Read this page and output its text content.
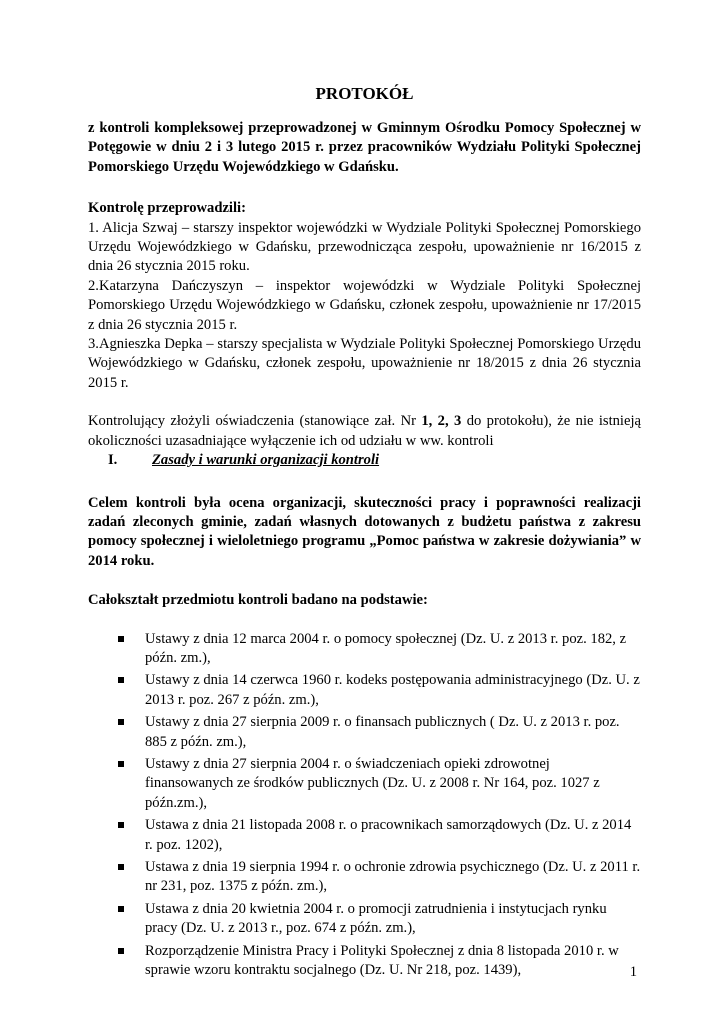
PROTOKÓŁ

z kontroli kompleksowej przeprowadzonej w Gminnym Ośrodku Pomocy Społecznej w Potęgowie w dniu 2 i 3 lutego 2015 r. przez pracowników Wydziału Polityki Społecznej Pomorskiego Urzędu Wojewódzkiego w Gdańsku.

Kontrolę przeprowadzili:

1. Alicja Szwaj – starszy inspektor wojewódzki w Wydziale Polityki Społecznej Pomorskiego Urzędu Wojewódzkiego w Gdańsku, przewodnicząca zespołu, upoważnienie nr 16/2015 z dnia 26 stycznia 2015 roku.

2.Katarzyna Dańczyszyn – inspektor wojewódzki w Wydziale Polityki Społecznej Pomorskiego Urzędu Wojewódzkiego w Gdańsku, członek zespołu, upoważnienie nr 17/2015 z dnia 26 stycznia 2015 r.

3.Agnieszka Depka – starszy specjalista w Wydziale Polityki Społecznej Pomorskiego Urzędu Wojewódzkiego w Gdańsku, członek zespołu, upoważnienie nr 18/2015 z dnia 26 stycznia 2015 r.

Kontrolujący złożyli oświadczenia (stanowiące zał. Nr 1, 2, 3 do protokołu), że nie istnieją okoliczności uzasadniające wyłączenie ich od udziału w ww. kontroli

I.	Zasady i warunki organizacji kontroli

Celem kontroli była ocena organizacji, skuteczności pracy i poprawności realizacji zadań zleconych gminie, zadań własnych dotowanych z budżetu państwa z zakresu pomocy społecznej i wieloletniego programu „Pomoc państwa w zakresie dożywiania” w 2014 roku.

Całokształt przedmiotu kontroli badano na podstawie:

Ustawy z dnia 12 marca 2004 r. o pomocy społecznej (Dz. U. z 2013 r. poz. 182, z późn. zm.),
Ustawy z dnia 14 czerwca 1960 r. kodeks postępowania administracyjnego (Dz. U. z 2013 r. poz. 267 z późn. zm.),
Ustawy z dnia 27 sierpnia 2009 r. o finansach publicznych ( Dz. U. z 2013 r. poz. 885 z późn. zm.),
Ustawy z dnia 27 sierpnia 2004 r. o świadczeniach opieki zdrowotnej finansowanych ze środków publicznych (Dz. U. z 2008 r. Nr 164, poz. 1027 z późn.zm.),
Ustawa z dnia 21 listopada 2008 r. o pracownikach samorządowych (Dz. U. z 2014 r. poz. 1202),
Ustawa z dnia 19 sierpnia 1994 r. o ochronie zdrowia psychicznego (Dz. U. z 2011 r. nr 231, poz. 1375 z późn. zm.),
Ustawa z dnia 20 kwietnia 2004 r. o promocji zatrudnienia i instytucjach rynku pracy (Dz. U. z 2013 r., poz. 674 z późn. zm.),
Rozporządzenie Ministra Pracy i Polityki Społecznej z dnia 8 listopada 2010 r. w sprawie wzoru kontraktu socjalnego (Dz. U. Nr 218, poz. 1439),	1
